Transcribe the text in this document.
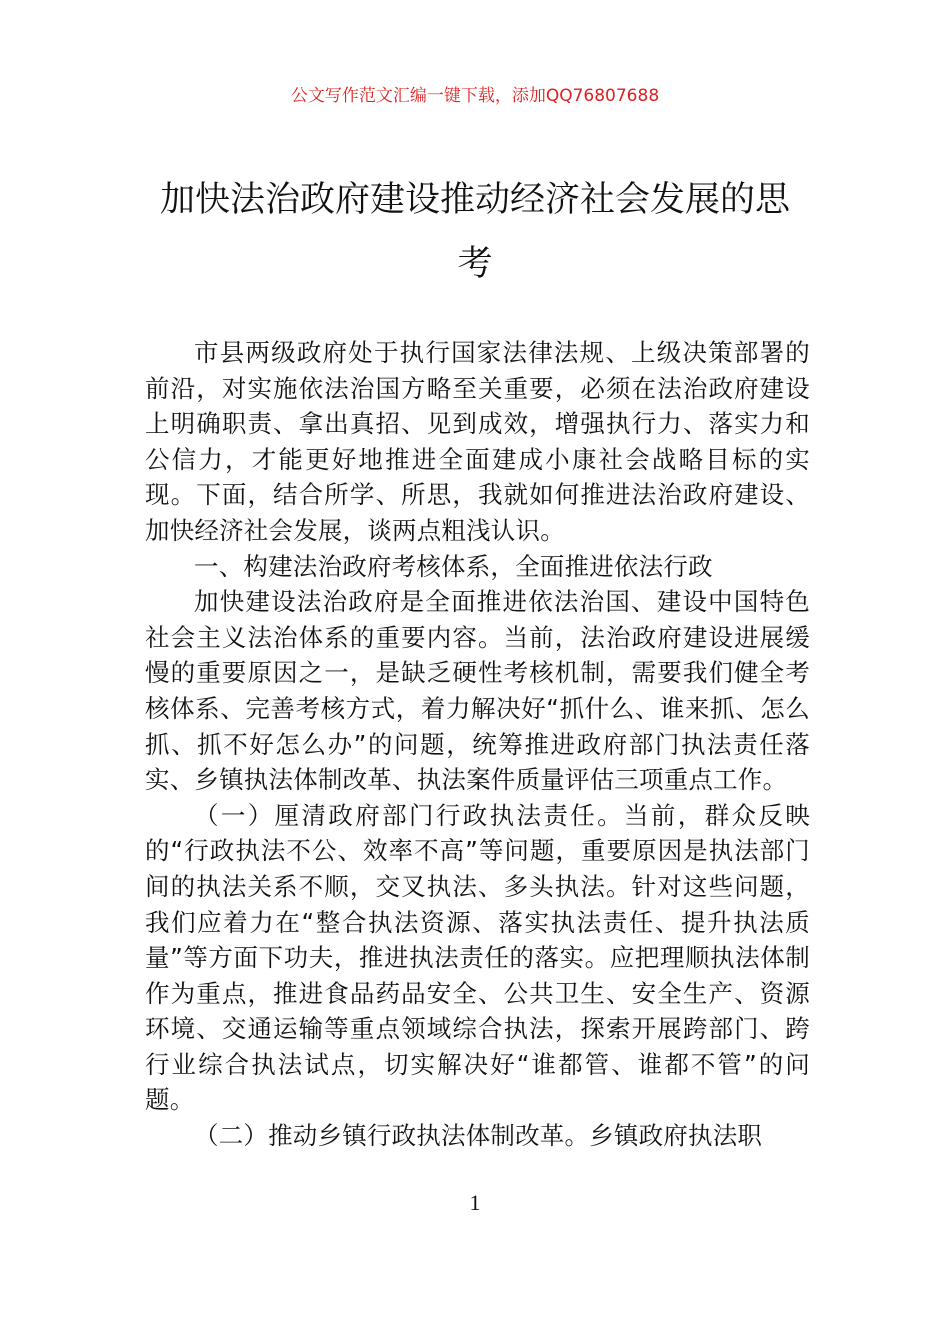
公文写作范文汇编一键下载，添加QQ76807688
加快法治政府建设推动经济社会发展的思
考

市县两级政府处于执行国家法律法规、上级决策部署的前沿，对实施依法治国方略至关重要，必须在法治政府建设上明确职责、拿出真招、见到成效，增强执行力、落实力和公信力，才能更好地推进全面建成小康社会战略目标的实现。下面，结合所学、所思，我就如何推进法治政府建设、加快经济社会发展，谈两点粗浅认识。

一、构建法治政府考核体系，全面推进依法行政

加快建设法治政府是全面推进依法治国、建设中国特色社会主义法治体系的重要内容。当前，法治政府建设进展缓慢的重要原因之一，是缺乏硬性考核机制，需要我们健全考核体系、完善考核方式，着力解决好“抓什么、谁来抓、怎么抓、抓不好怎么办”的问题，统筹推进政府部门执法责任落实、乡镇执法体制改革、执法案件质量评估三项重点工作。

（一）厘清政府部门行政执法责任。当前，群众反映的“行政执法不公、效率不高”等问题，重要原因是执法部门间的执法关系不顺，交叉执法、多头执法。针对这些问题，我们应着力在“整合执法资源、落实执法责任、提升执法质量”等方面下功夫，推进执法责任的落实。应把理顺执法体制作为重点，推进食品药品安全、公共卫生、安全生产、资源环境、交通运输等重点领域综合执法，探索开展跨部门、跨行业综合执法试点，切实解决好“谁都管、谁都不管”的问题。

（二）推动乡镇行政执法体制改革。乡镇政府执法职

1
